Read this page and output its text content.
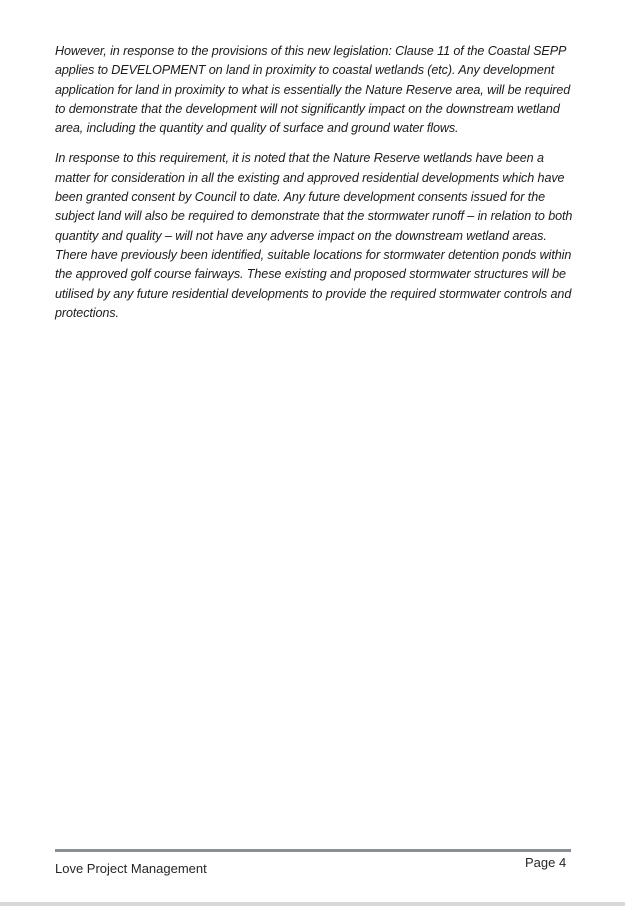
However, in response to the provisions of this new legislation: Clause 11 of the Coastal SEPP applies to DEVELOPMENT on land in proximity to coastal wetlands (etc). Any development application for land in proximity to what is essentially the Nature Reserve area, will be required to demonstrate that the development will not significantly impact on the downstream wetland area, including the quantity and quality of surface and ground water flows.

In response to this requirement, it is noted that the Nature Reserve wetlands have been a matter for consideration in all the existing and approved residential developments which have been granted consent by Council to date. Any future development consents issued for the subject land will also be required to demonstrate that the stormwater runoff – in relation to both quantity and quality – will not have any adverse impact on the downstream wetland areas. There have previously been identified, suitable locations for stormwater detention ponds within the approved golf course fairways. These existing and proposed stormwater structures will be utilised by any future residential developments to provide the required stormwater controls and protections.

Love Project Management	Page 4
